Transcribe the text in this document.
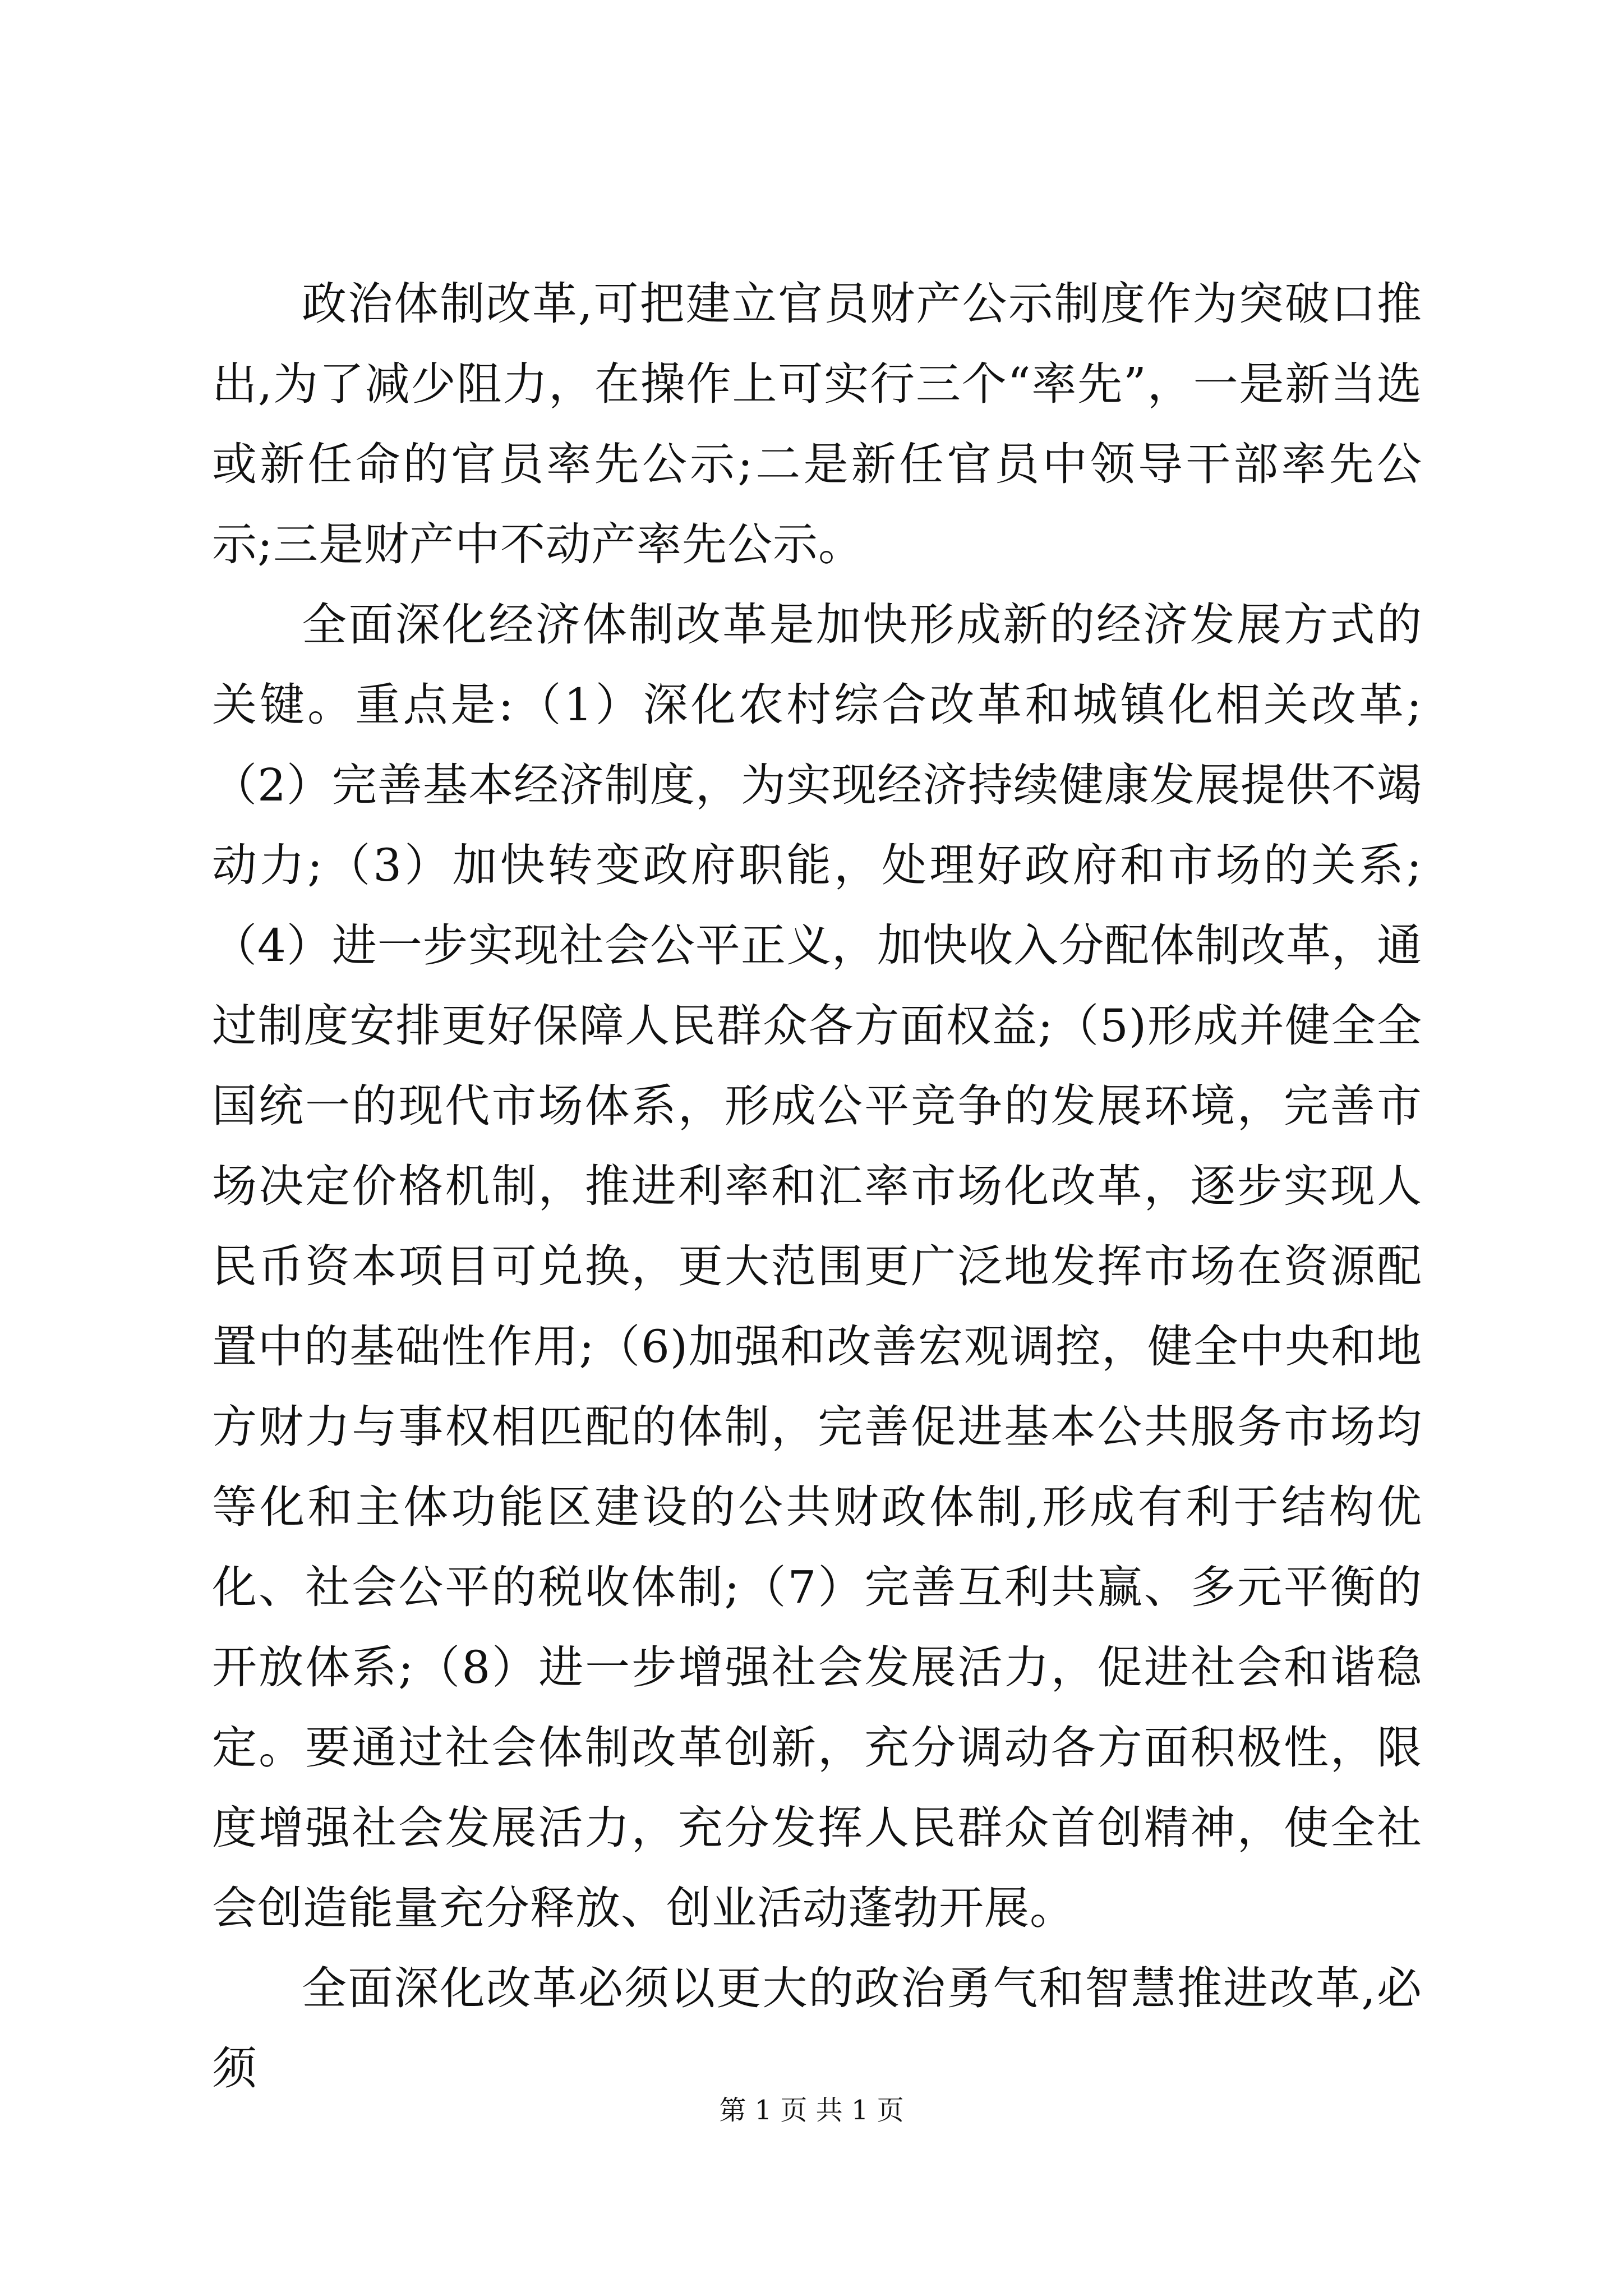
政治体制改革,可把建立官员财产公示制度作为突破口推出,为了减少阻力，在操作上可实行三个“率先”，一是新当选或新任命的官员率先公示;二是新任官员中领导干部率先公示;三是财产中不动产率先公示。

全面深化经济体制改革是加快形成新的经济发展方式的关键。重点是:（1）深化农村综合改革和城镇化相关改革;（2）完善基本经济制度，为实现经济持续健康发展提供不竭动力;（3）加快转变政府职能，处理好政府和市场的关系;（4）进一步实现社会公平正义，加快收入分配体制改革，通过制度安排更好保障人民群众各方面权益;（5)形成并健全全国统一的现代市场体系，形成公平竞争的发展环境，完善市场决定价格机制，推进利率和汇率市场化改革，逐步实现人民币资本项目可兑换，更大范围更广泛地发挥市场在资源配置中的基础性作用;（6)加强和改善宏观调控，健全中央和地方财力与事权相匹配的体制，完善促进基本公共服务市场均等化和主体功能区建设的公共财政体制,形成有利于结构优化、社会公平的税收体制;（7）完善互利共赢、多元平衡的开放体系;（8）进一步增强社会发展活力，促进社会和谐稳定。要通过社会体制改革创新，充分调动各方面积极性，限度增强社会发展活力，充分发挥人民群众首创精神，使全社会创造能量充分释放、创业活动蓬勃开展。

全面深化改革必须以更大的政治勇气和智慧推进改革,必须

第 1 页 共 1 页
